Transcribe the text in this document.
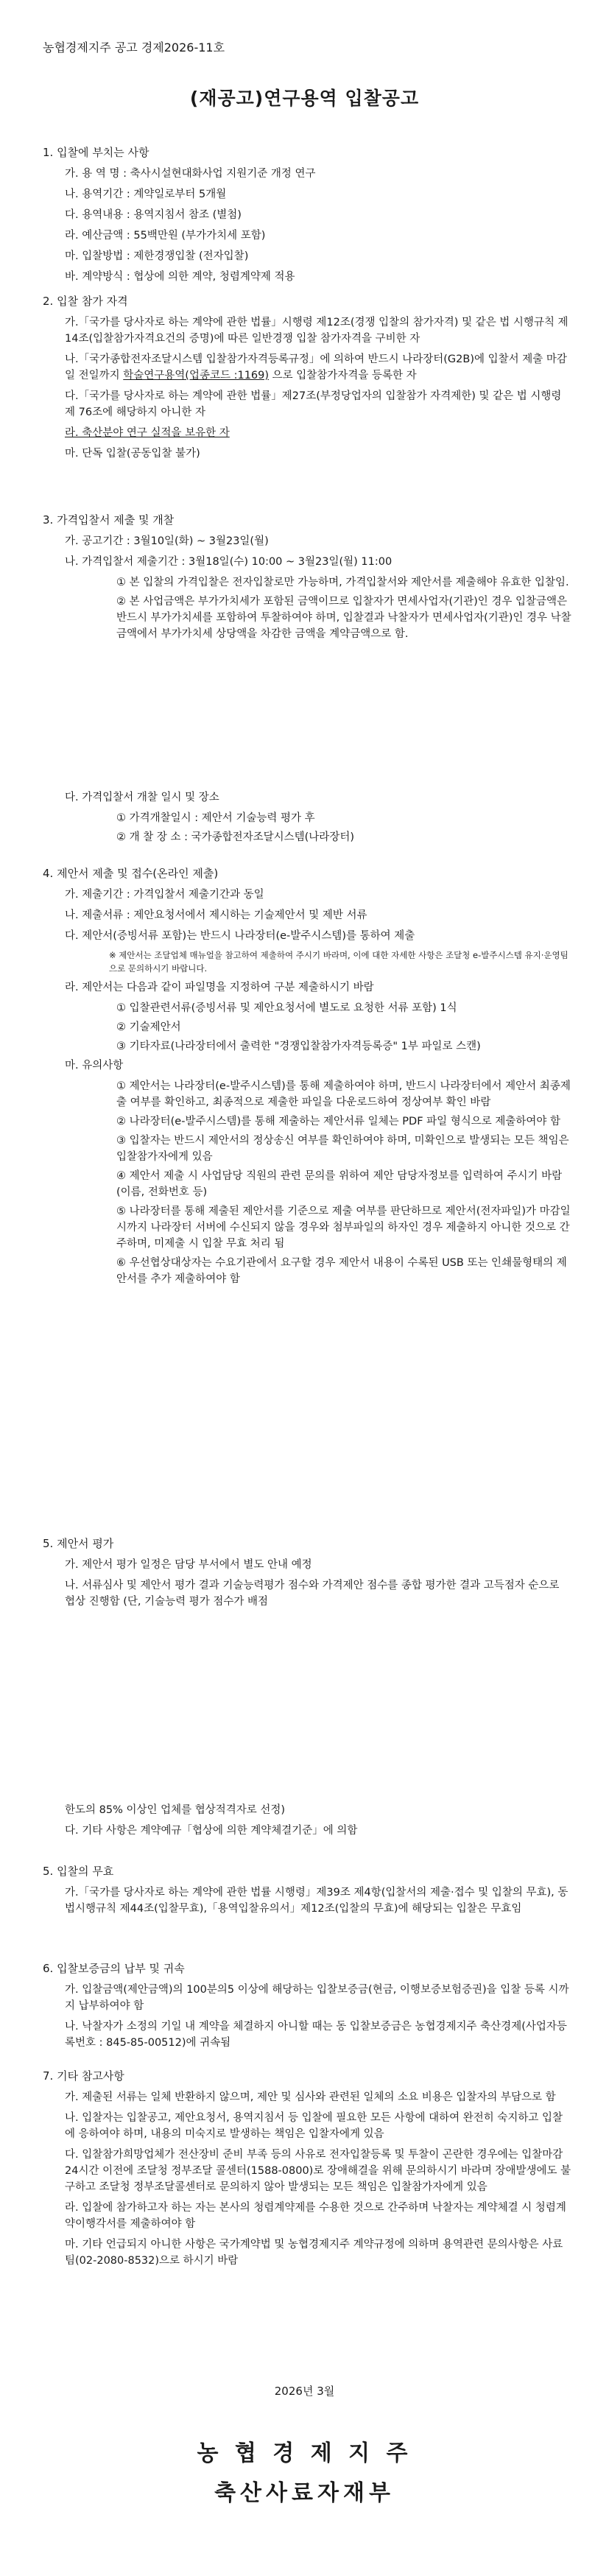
농협경제지주 공고 경제2026-11호
(재공고)연구용역 입찰공고
1. 입찰에 부치는 사항
가. 용 역 명 : 축사시설현대화사업 지원기준 개정 연구
나. 용역기간 : 계약일로부터 5개월
다. 용역내용 : 용역지침서 참조 (별첨)
라. 예산금액 : 55백만원 (부가가치세 포함)
마. 입찰방법 : 제한경쟁입찰 (전자입찰)
바. 계약방식 : 협상에 의한 계약, 청렴계약제 적용
2. 입찰 참가 자격
가.「국가를 당사자로 하는 계약에 관한 법률」시행령 제12조(경쟁 입찰의 참가자격) 및 같은 법 시행규칙 제14조(입찰참가자격요건의 증명)에 따른 일반경쟁 입찰 참가자격을 구비한 자
나.「국가종합전자조달시스템 입찰참가자격등록규정」에 의하여 반드시 나라장터(G2B)에 입찰서 제출 마감일 전일까지 학술연구용역(업종코드 :1169) 으로 입찰참가자격을 등록한 자
다.「국가를 당사자로 하는 계약에 관한 법률」제27조(부정당업자의 입찰참가 자격제한) 및 같은 법 시행령 제 76조에 해당하지 아니한 자
라. 축산분야 연구 실적을 보유한 자
마. 단독 입찰(공동입찰 불가)
3. 가격입찰서 제출 및 개찰
가. 공고기간 : 3월10일(화) ~ 3월23일(월)
나. 가격입찰서 제출기간 : 3월18일(수) 10:00 ~ 3월23일(월) 11:00
① 본 입찰의 가격입찰은 전자입찰로만 가능하며, 가격입찰서와 제안서를 제출해야 유효한 입찰임.
② 본 사업금액은 부가가치세가 포함된 금액이므로 입찰자가 면세사업자(기관)인 경우 입찰금액은 반드시 부가가치세를 포함하여 투찰하여야 하며, 입찰결과 낙찰자가 면세사업자(기관)인 경우 낙찰금액에서 부가가치세 상당액을 차감한 금액을 계약금액으로 함.
다. 가격입찰서 개찰 일시 및 장소
① 가격개찰일시 : 제안서 기술능력 평가 후
② 개 찰 장 소 : 국가종합전자조달시스템(나라장터)
4. 제안서 제출 및 접수(온라인 제출)
가. 제출기간 : 가격입찰서 제출기간과 동일
나. 제출서류 : 제안요청서에서 제시하는 기술제안서 및 제반 서류
다. 제안서(증빙서류 포함)는 반드시 나라장터(e-발주시스템)를 통하여 제출
※ 제안서는 조달업체 매뉴얼을 참고하여 제출하여 주시기 바라며, 이에 대한 자세한 사항은 조달청 e-발주시스템 유지·운영팀으로 문의하시기 바랍니다.
라. 제안서는 다음과 같이 파일명을 지정하여 구분 제출하시기 바람
① 입찰관련서류(증빙서류 및 제안요청서에 별도로 요청한 서류 포함) 1식
② 기술제안서
③ 기타자료(나라장터에서 출력한 "경쟁입찰참가자격등록증" 1부 파일로 스캔)
마. 유의사항
① 제안서는 나라장터(e-발주시스템)를 통해 제출하여야 하며, 반드시 나라장터에서 제안서 최종제출 여부를 확인하고, 최종적으로 제출한 파일을 다운로드하여 정상여부 확인 바람
② 나라장터(e-발주시스템)를 통해 제출하는 제안서류 일체는 PDF 파일 형식으로 제출하여야 함
③ 입찰자는 반드시 제안서의 정상송신 여부를 확인하여야 하며, 미확인으로 발생되는 모든 책임은 입찰참가자에게 있음
④ 제안서 제출 시 사업담당 직원의 관련 문의를 위하여 제안 담당자정보를 입력하여 주시기 바람(이름, 전화번호 등)
⑤ 나라장터를 통해 제출된 제안서를 기준으로 제출 여부를 판단하므로 제안서(전자파일)가 마감일시까지 나라장터 서버에 수신되지 않을 경우와 첨부파일의 하자인 경우 제출하지 아니한 것으로 간주하며, 미제출 시 입찰 무효 처리 됨
⑥ 우선협상대상자는 수요기관에서 요구할 경우 제안서 내용이 수록된 USB 또는 인쇄물형태의 제안서를 추가 제출하여야 함
5. 제안서 평가
가. 제안서 평가 일정은 담당 부서에서 별도 안내 예정
나. 서류심사 및 제안서 평가 결과 기술능력평가 점수와 가격제안 점수를 종합 평가한 결과 고득점자 순으로 협상 진행함 (단, 기술능력 평가 점수가 배점
한도의 85% 이상인 업체를 협상적격자로 선정)
다. 기타 사항은 계약예규「협상에 의한 계약체결기준」에 의함
5. 입찰의 무효
가.「국가를 당사자로 하는 계약에 관한 법률 시행령」제39조 제4항(입찰서의 제출·접수 및 입찰의 무효), 동법시행규칙 제44조(입찰무효),「용역입찰유의서」제12조(입찰의 무효)에 해당되는 입찰은 무효임
6. 입찰보증금의 납부 및 귀속
가. 입찰금액(제안금액)의 100분의5 이상에 해당하는 입찰보증금(현금, 이행보증보험증권)을 입찰 등록 시까지 납부하여야 함
나. 낙찰자가 소정의 기일 내 계약을 체결하지 아니할 때는 동 입찰보증금은 농협경제지주 축산경제(사업자등록번호 : 845-85-00512)에 귀속됨
7. 기타 참고사항
가. 제출된 서류는 일체 반환하지 않으며, 제안 및 심사와 관련된 일체의 소요 비용은 입찰자의 부담으로 함
나. 입찰자는 입찰공고, 제안요청서, 용역지침서 등 입찰에 필요한 모든 사항에 대하여 완전히 숙지하고 입찰에 응하여야 하며, 내용의 미숙지로 발생하는 책임은 입찰자에게 있음
다. 입찰참가희망업체가 전산장비 준비 부족 등의 사유로 전자입찰등록 및 투찰이 곤란한 경우에는 입찰마감 24시간 이전에 조달청 정부조달 콜센터(1588-0800)로 장애해결을 위해 문의하시기 바라며 장애발생에도 불구하고 조달청 정부조달콜센터로 문의하지 않아 발생되는 모든 책임은 입찰참가자에게 있음
라. 입찰에 참가하고자 하는 자는 본사의 청렴계약제를 수용한 것으로 간주하며 낙찰자는 계약체결 시 청렴계약이행각서를 제출하여야 함
마. 기타 언급되지 아니한 사항은 국가계약법 및 농협경제지주 계약규정에 의하며 용역관련 문의사항은 사료팀(02-2080-8532)으로 하시기 바람
2026년 3월
농 협 경 제 지 주
축산사료자재부
